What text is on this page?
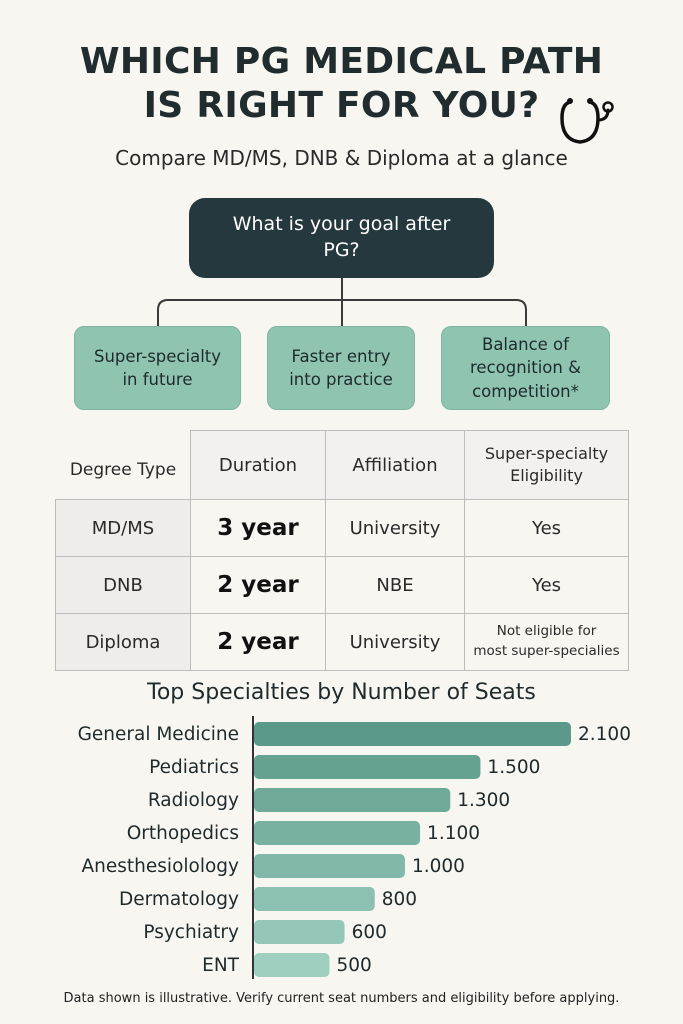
WHICH PG MEDICAL PATH
IS RIGHT FOR YOU?
Compare MD/MS, DNB & Diploma at a glance
What is your goal after
PG?
Super-specialty
in future
Faster entry
into practice
Balance of
recognition &
competition*
Degree Type	Duration	Affiliation	Super-specialty Eligibility
MD/MS	3 year	University	Yes
DNB	2 year	NBE	Yes
Diploma	2 year	University	Not eligible for
most super-specialies
Top Specialties by Number of Seats
General Medicine	2.100
Pediatrics	1.500
Radiology	1.300
Orthopedics	1.100
Anesthesiolology	1.000
Dermatology	800
Psychiatry	600
ENT	500
Data shown is illustrative. Verify current seat numbers and eligibility before applying.
